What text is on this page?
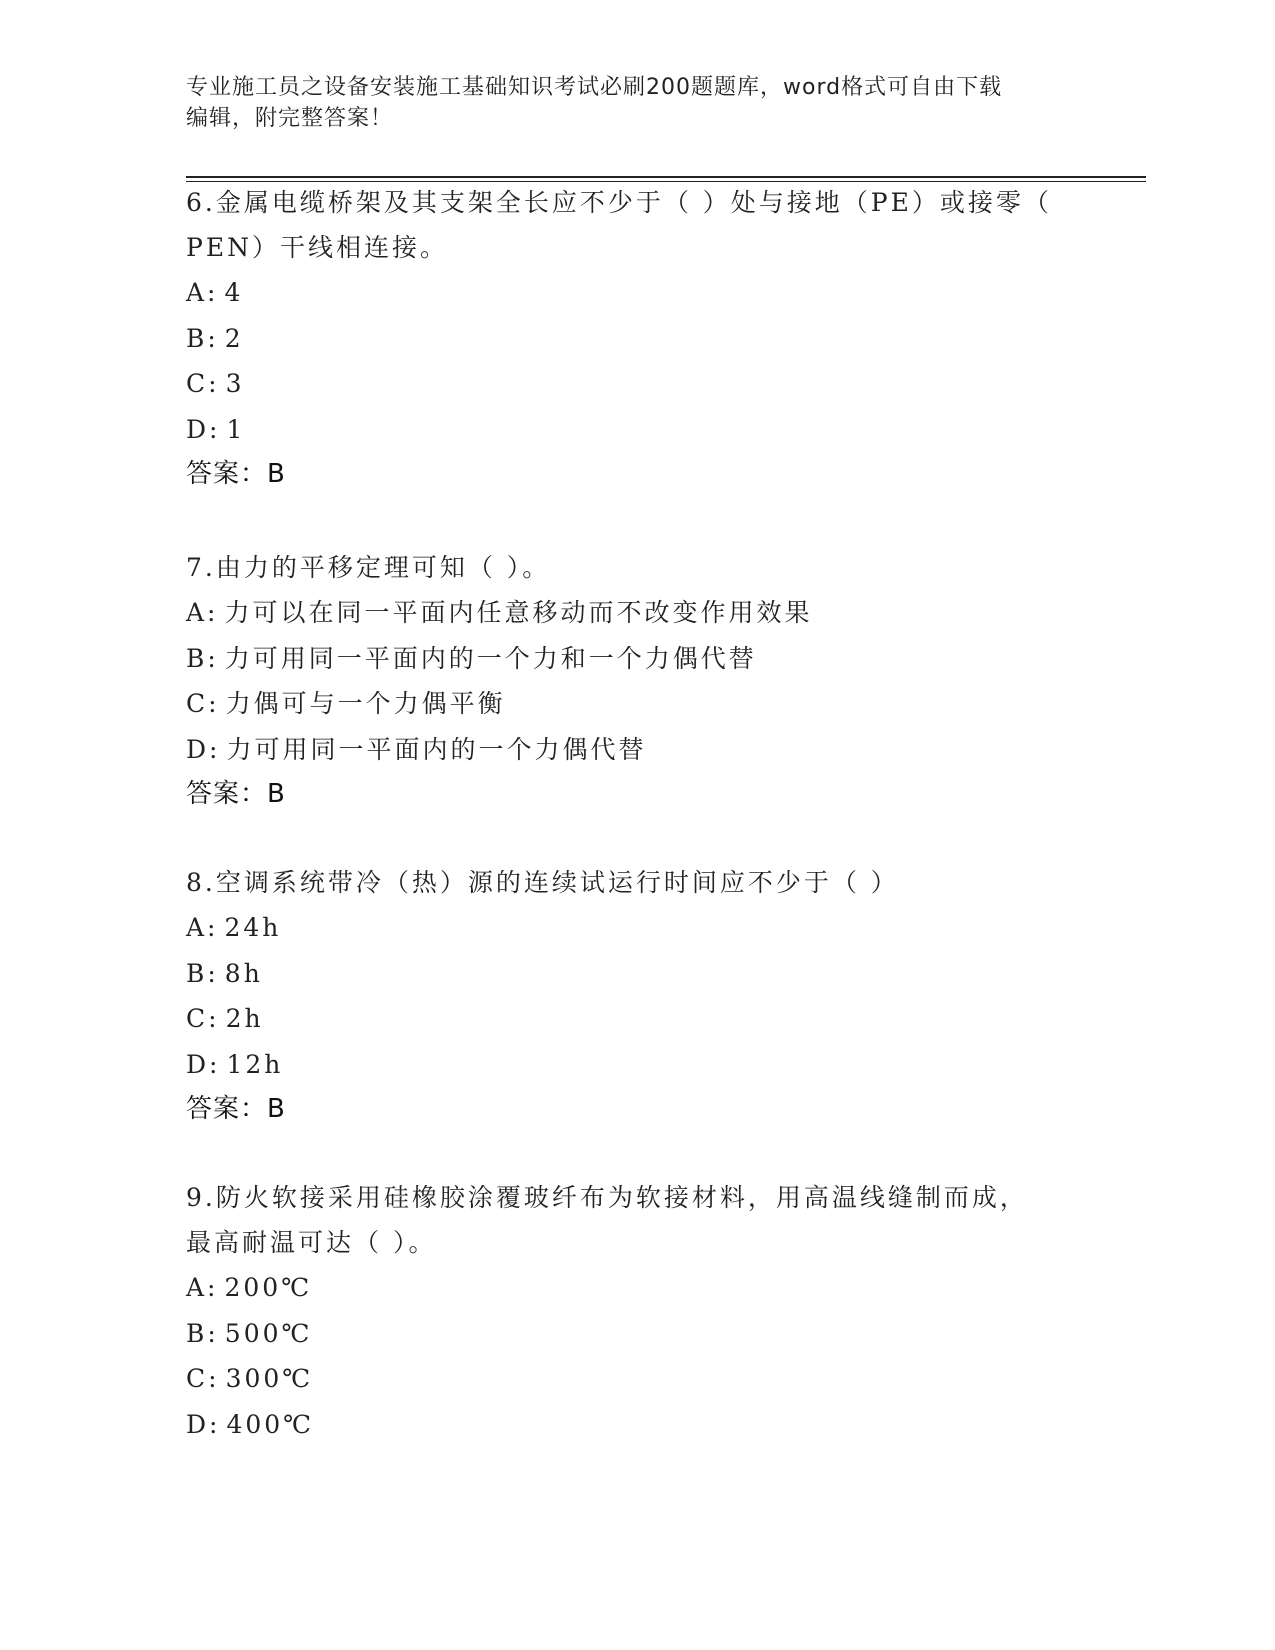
专业施工员之设备安装施工基础知识考试必刷200题题库，word格式可自由下载
编辑，附完整答案！
6.金属电缆桥架及其支架全长应不少于（ ）处与接地（PE）或接零（
PEN）干线相连接。
A: 4
B: 2
C: 3
D: 1
答案：B
7.由力的平移定理可知（ ）。
A: 力可以在同一平面内任意移动而不改变作用效果
B: 力可用同一平面内的一个力和一个力偶代替
C: 力偶可与一个力偶平衡
D: 力可用同一平面内的一个力偶代替
答案：B
8.空调系统带冷（热）源的连续试运行时间应不少于（ ）
A: 24h
B: 8h
C: 2h
D: 12h
答案：B
9.防火软接采用硅橡胶涂覆玻纤布为软接材料，用高温线缝制而成，
最高耐温可达（ ）。
A: 200℃
B: 500℃
C: 300℃
D: 400℃
